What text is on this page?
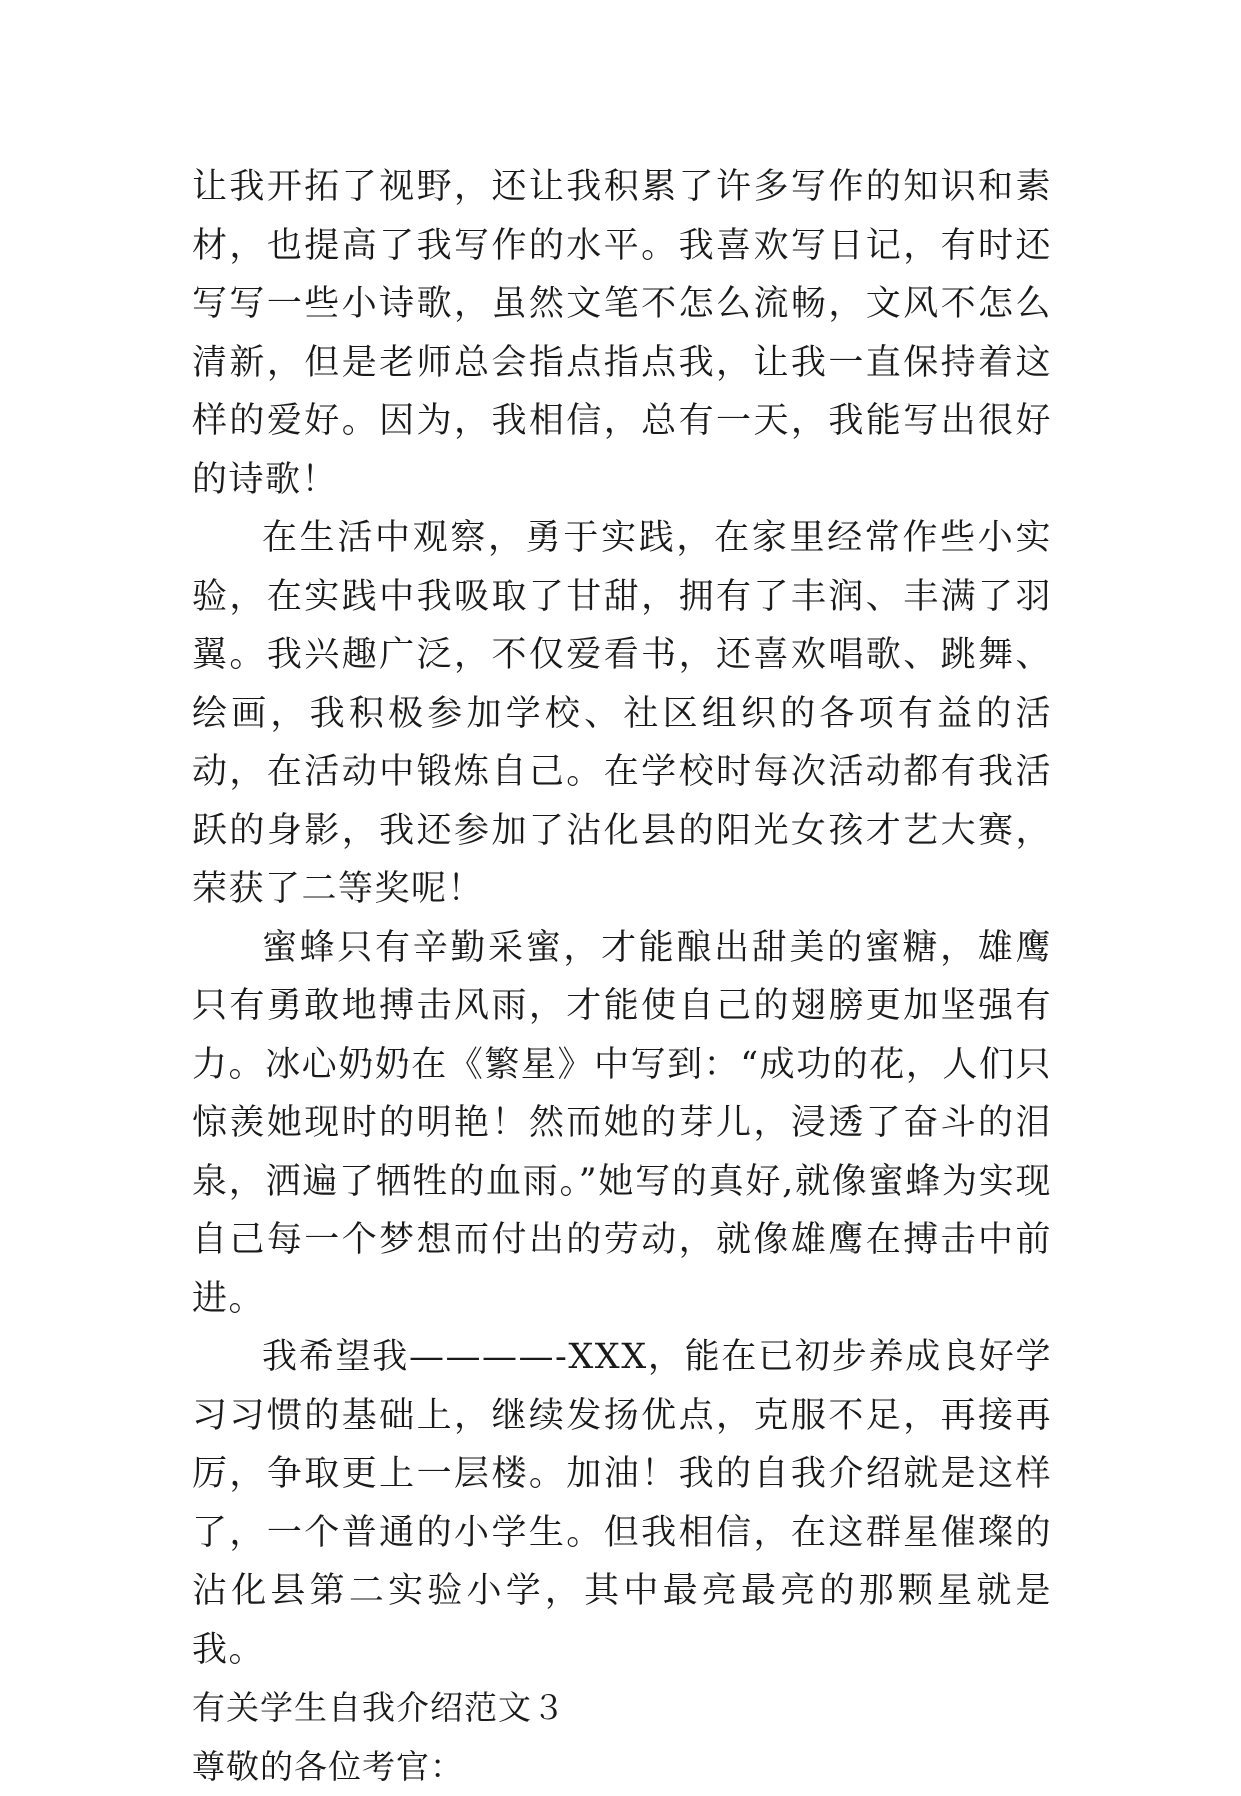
让我开拓了视野，还让我积累了许多写作的知识和素材，也提高了我写作的水平。我喜欢写日记，有时还写写一些小诗歌，虽然文笔不怎么流畅，文风不怎么清新，但是老师总会指点指点我，让我一直保持着这样的爱好。因为，我相信，总有一天，我能写出很好的诗歌！

在生活中观察，勇于实践，在家里经常作些小实验，在实践中我吸取了甘甜，拥有了丰润、丰满了羽翼。我兴趣广泛，不仅爱看书，还喜欢唱歌、跳舞、绘画，我积极参加学校、社区组织的各项有益的活动，在活动中锻炼自己。在学校时每次活动都有我活跃的身影，我还参加了沾化县的阳光女孩才艺大赛，荣获了二等奖呢！

蜜蜂只有辛勤采蜜，才能酿出甜美的蜜糖，雄鹰只有勇敢地搏击风雨，才能使自己的翅膀更加坚强有力。冰心奶奶在《繁星》中写到：“成功的花，人们只惊羡她现时的明艳！然而她的芽儿，浸透了奋斗的泪泉，洒遍了牺牲的血雨。”她写的真好,就像蜜蜂为实现自己每一个梦想而付出的劳动，就像雄鹰在搏击中前进。

我希望我————-XXX，能在已初步养成良好学习习惯的基础上，继续发扬优点，克服不足，再接再厉，争取更上一层楼。加油！我的自我介绍就是这样了，一个普通的小学生。但我相信，在这群星催璨的沾化县第二实验小学，其中最亮最亮的那颗星就是我。

有关学生自我介绍范文３

尊敬的各位考官：
